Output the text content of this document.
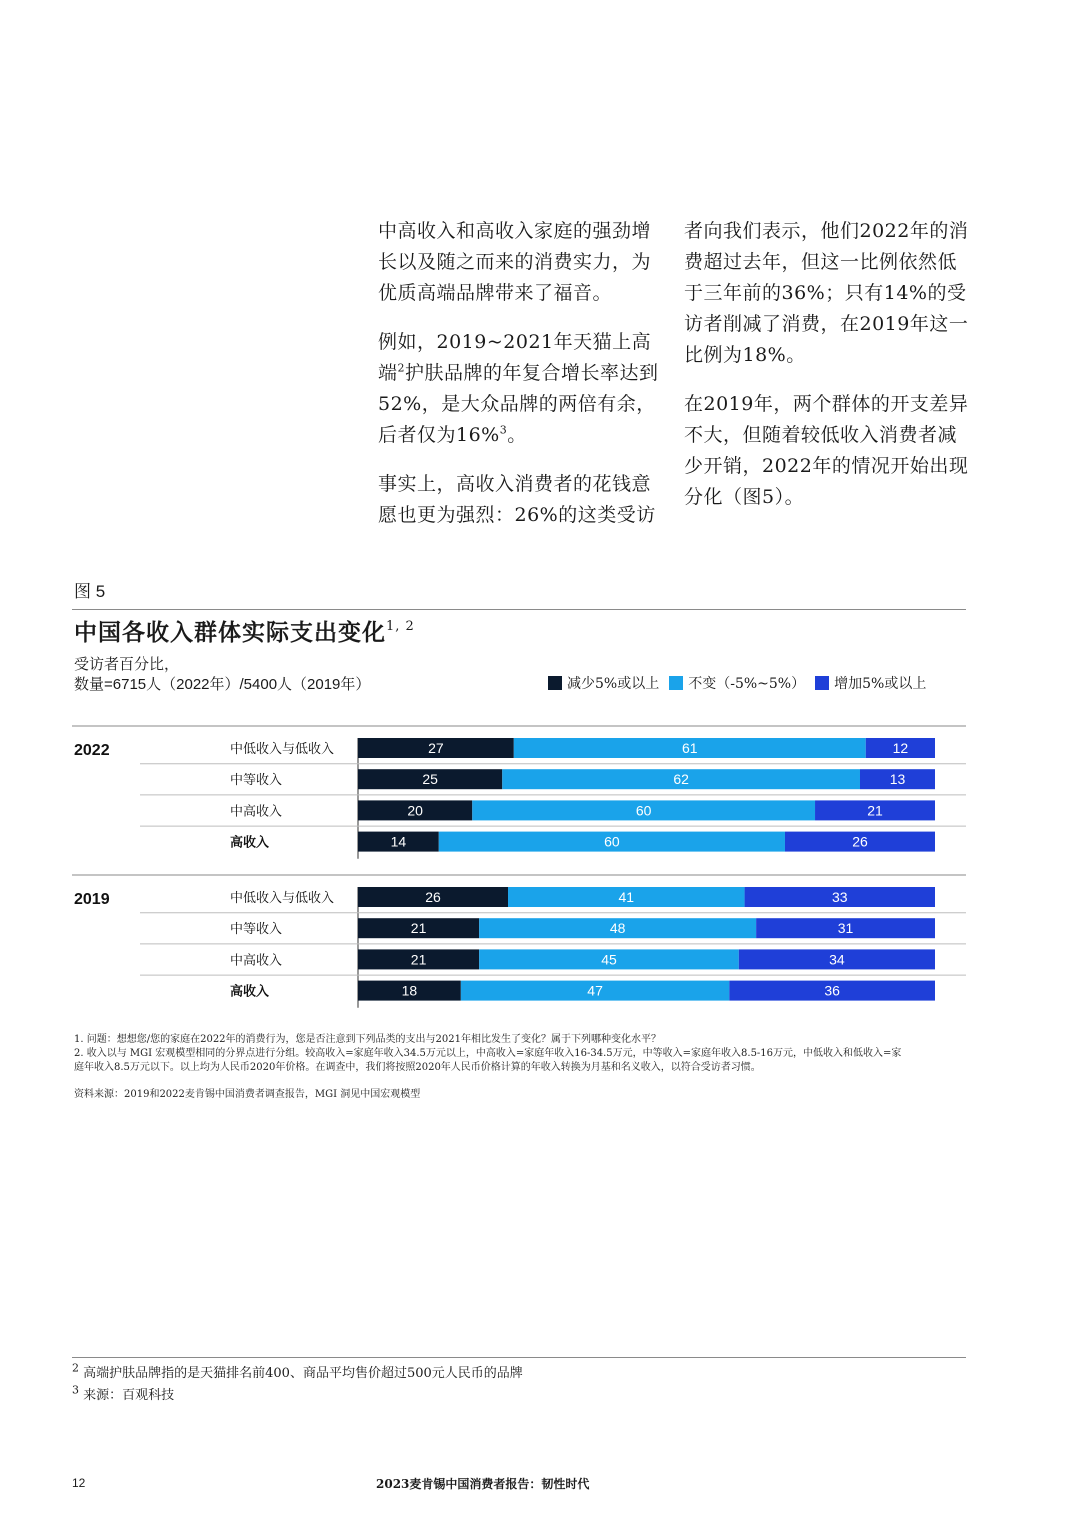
中高收入和高收入家庭的强劲增长以及随之而来的消费实力，为优质高端品牌带来了福音。

例如，2019~2021年天猫上高端$^2$护肤品牌的年复合增长率达到52%，是大众品牌的两倍有余，后者仅为16%$^3$。

事实上，高收入消费者的花钱意愿也更为强烈：26%的这类受访

者向我们表示，他们2022年的消费超过去年，但这一比例依然低于三年前的36%；只有14%的受访者削减了消费，在2019年这一比例为18%。

在2019年，两个群体的开支差异不大，但随着较低收入消费者减少开销，2022年的情况开始出现分化（图5）。

图 5
中国各收入群体实际支出变化$^{1, 2}$
受访者百分比，
数量=6715人（2022年）/5400人（2019年）	减少5%或以上 不变（-5%~5%） 增加5%或以上
2022	中低收入与低收入	27	61	12
中等收入	25	62	13
中高收入	20	60	21
高收入	14	60	26
2019	中低收入与低收入	26	41	33
中等收入	21	48	31
中高收入	21	45	34
高收入	18	47	36
1. 问题：想想您/您的家庭在2022年的消费行为，您是否注意到下列品类的支出与2021年相比发生了变化？属于下列哪种变化水平？
2. 收入以与 MGI 宏观模型相同的分界点进行分组。较高收入=家庭年收入34.5万元以上，中高收入=家庭年收入16-34.5万元，中等收入=家庭年收入8.5-16万元，中低收入和低收入=家庭年收入8.5万元以下。以上均为人民币2020年价格。在调查中，我们将按照2020年人民币价格计算的年收入转换为月基和名义收入，以符合受访者习惯。
资料来源：2019和2022麦肯锡中国消费者调查报告，MGI 洞见中国宏观模型
$^2$ 高端护肤品牌指的是天猫排名前400、商品平均售价超过500元人民币的品牌
$^3$ 来源：百观科技
12	2023麦肯锡中国消费者报告：韧性时代
